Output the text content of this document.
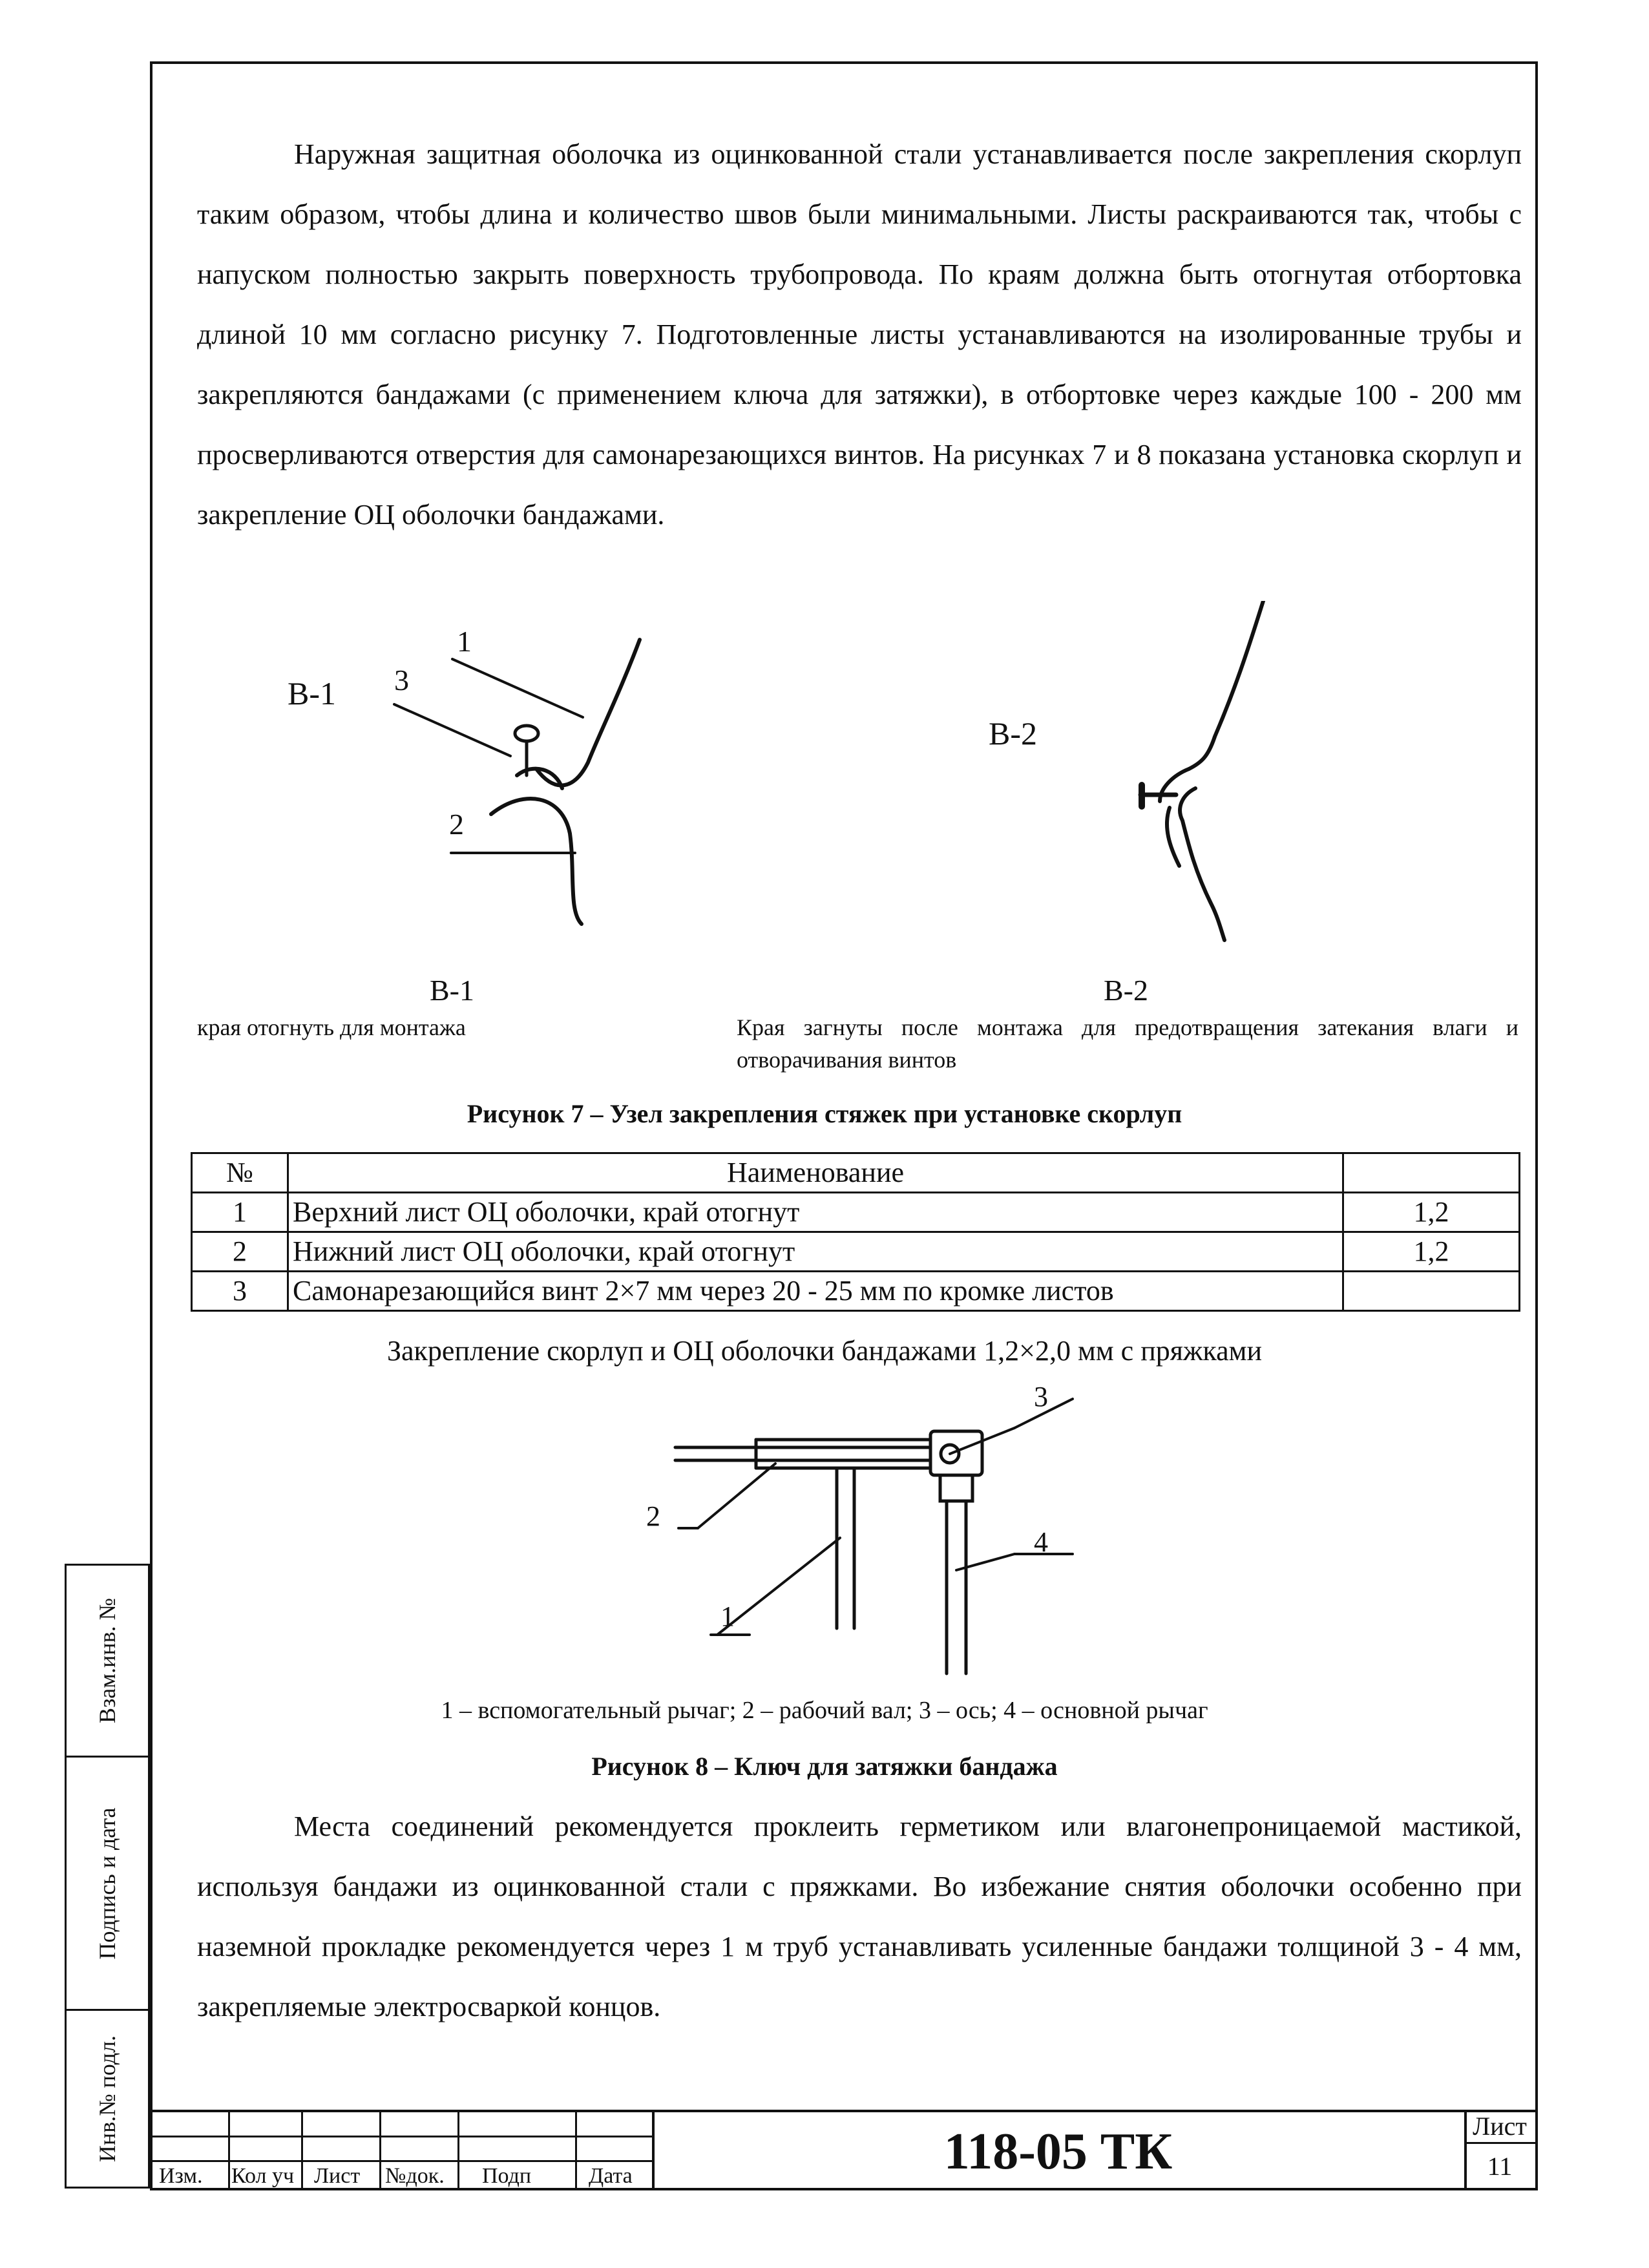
Наружная защитная оболочка из оцинкованной стали устанавливается после закрепления скорлуп таким образом, чтобы длина и количество швов были минимальными. Листы раскраиваются так, чтобы с напуском полностью закрыть поверхность трубопровода. По краям должна быть отогнутая отбортовка длиной 10 мм согласно рисунку 7. Подготовленные листы устанавливаются на изолированные трубы и закрепляются бандажами (с применением ключа для затяжки), в отбортовке через каждые 100 - 200 мм просверливаются отверстия для самонарезающихся винтов. На рисунках 7 и 8 показана установка скорлуп и закрепление ОЦ оболочки бандажами.

В-1
В-2
1
3
2
В-1
края отогнуть для монтажа
В-2
Края загнуты после монтажа для предотвращения затекания влаги и отворачивания винтов
Рисунок 7 – Узел закрепления стяжек при установке скорлуп
№	Наименование	
1	Верхний лист ОЦ оболочки, край отогнут	1,2
2	Нижний лист ОЦ оболочки, край отогнут	1,2
3	Самонарезающийся винт 2×7 мм через 20 - 25 мм по кромке листов	
Закрепление скорлуп и ОЦ оболочки бандажами 1,2×2,0 мм с пряжками
3
2
4
1
1 – вспомогательный рычаг; 2 – рабочий вал; 3 – ось; 4 – основной рычаг
Рисунок 8 – Ключ для затяжки бандажа

Места соединений рекомендуется проклеить герметиком или влагонепроницаемой мастикой, используя бандажи из оцинкованной стали с пряжками. Во избежание снятия оболочки особенно при наземной прокладке рекомендуется через 1 м труб устанавливать усиленные бандажи толщиной 3 - 4 мм, закрепляемые электросваркой концов.

Взам.инв. №
Подпись и дата
Инв.№ подл.
Изм. Кол уч Лист №док. Подп	Дата	118-05 ТК	Лист
11
